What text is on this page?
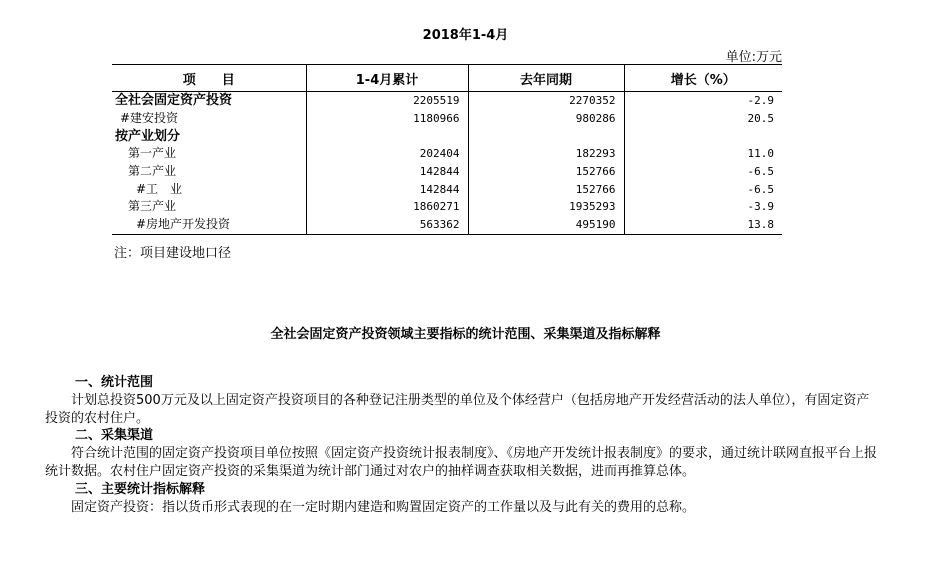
2018年1-4月
单位:万元
项　　目	1-4月累计	去年同期	增长（%）
全社会固定资产投资	2205519	2270352	-2.9
#建安投资	1180966	980286	20.5
按产业划分			
第一产业	202404	182293	11.0
第二产业	142844	152766	-6.5
#工　业	142844	152766	-6.5
第三产业	1860271	1935293	-3.9
#房地产开发投资	563362	495190	13.8
注：项目建设地口径
全社会固定资产投资领域主要指标的统计范围、采集渠道及指标解释
一、统计范围
计划总投资500万元及以上固定资产投资项目的各种登记注册类型的单位及个体经营户（包括房地产开发经营活动的法人单位），有固定资产投资的农村住户。
二、采集渠道
符合统计范围的固定资产投资项目单位按照《固定资产投资统计报表制度》、《房地产开发统计报表制度》的要求，通过统计联网直报平台上报统计数据。农村住户固定资产投资的采集渠道为统计部门通过对农户的抽样调查获取相关数据，进而再推算总体。
三、主要统计指标解释
固定资产投资：指以货币形式表现的在一定时期内建造和购置固定资产的工作量以及与此有关的费用的总称。
